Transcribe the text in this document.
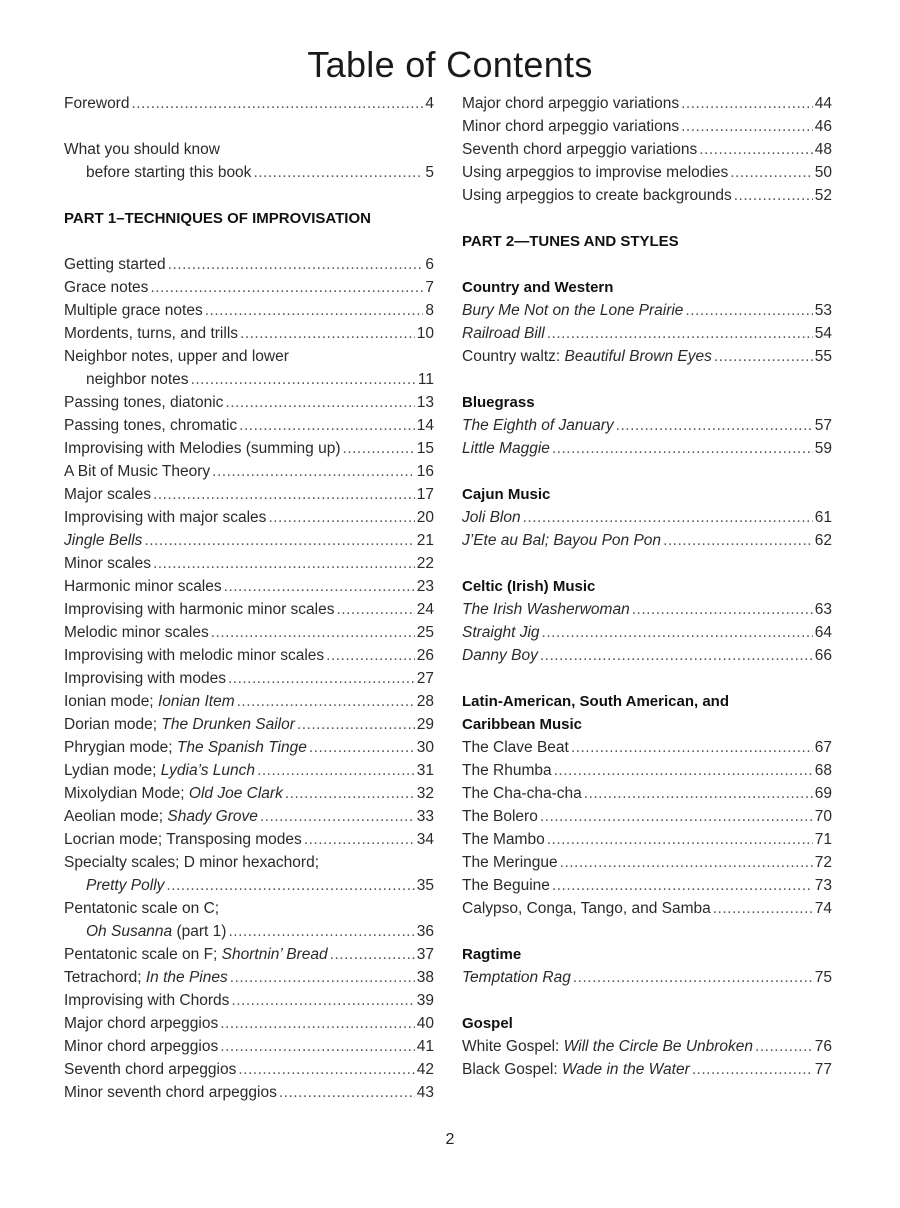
Table of Contents
Foreword .....	4
What you should know
before starting this book .....	5
PART 1–TECHNIQUES OF IMPROVISATION
Getting started .....	6
Grace notes .....	7
Multiple grace notes .....	8
Mordents, turns, and trills .....	10
Neighbor notes, upper and lower
neighbor notes .....	11
Passing tones, diatonic .....	13
Passing tones, chromatic .....	14
Improvising with Melodies (summing up) .....	15
A Bit of Music Theory .....	16
Major scales .....	17
Improvising with major scales .....	20
Jingle Bells .....	21
Minor scales .....	22
Harmonic minor scales .....	23
Improvising with harmonic minor scales .....	24
Melodic minor scales .....	25
Improvising with melodic minor scales .....	26
Improvising with modes .....	27
Ionian mode; Ionian Item .....	28
Dorian mode; The Drunken Sailor .....	29
Phrygian mode; The Spanish Tinge .....	30
Lydian mode; Lydia’s Lunch .....	31
Mixolydian Mode; Old Joe Clark .....	32
Aeolian mode; Shady Grove .....	33
Locrian mode; Transposing modes .....	34
Specialty scales; D minor hexachord;
Pretty Polly .....	35
Pentatonic scale on C;
Oh Susanna (part 1) .....	36
Pentatonic scale on F; Shortnin’ Bread .....	37
Tetrachord; In the Pines .....	38
Improvising with Chords .....	39
Major chord arpeggios .....	40
Minor chord arpeggios .....	41
Seventh chord arpeggios .....	42
Minor seventh chord arpeggios .....	43
Major chord arpeggio variations .....	44
Minor chord arpeggio variations .....	46
Seventh chord arpeggio variations .....	48
Using arpeggios to improvise melodies .....	50
Using arpeggios to create backgrounds .....	52
PART 2—TUNES AND STYLES
Country and Western
Bury Me Not on the Lone Prairie .....	53
Railroad Bill .....	54
Country waltz: Beautiful Brown Eyes .....	55
Bluegrass
The Eighth of January .....	57
Little Maggie .....	59
Cajun Music
Joli Blon .....	61
J’Ete au Bal; Bayou Pon Pon .....	62
Celtic (Irish) Music
The Irish Washerwoman .....	63
Straight Jig .....	64
Danny Boy .....	66
Latin-American, South American, and
Caribbean Music
The Clave Beat .....	67
The Rhumba .....	68
The Cha-cha-cha .....	69
The Bolero .....	70
The Mambo .....	71
The Meringue .....	72
The Beguine .....	73
Calypso, Conga, Tango, and Samba .....	74
Ragtime
Temptation Rag .....	75
Gospel
White Gospel: Will the Circle Be Unbroken .....	76
Black Gospel: Wade in the Water .....	77
2
